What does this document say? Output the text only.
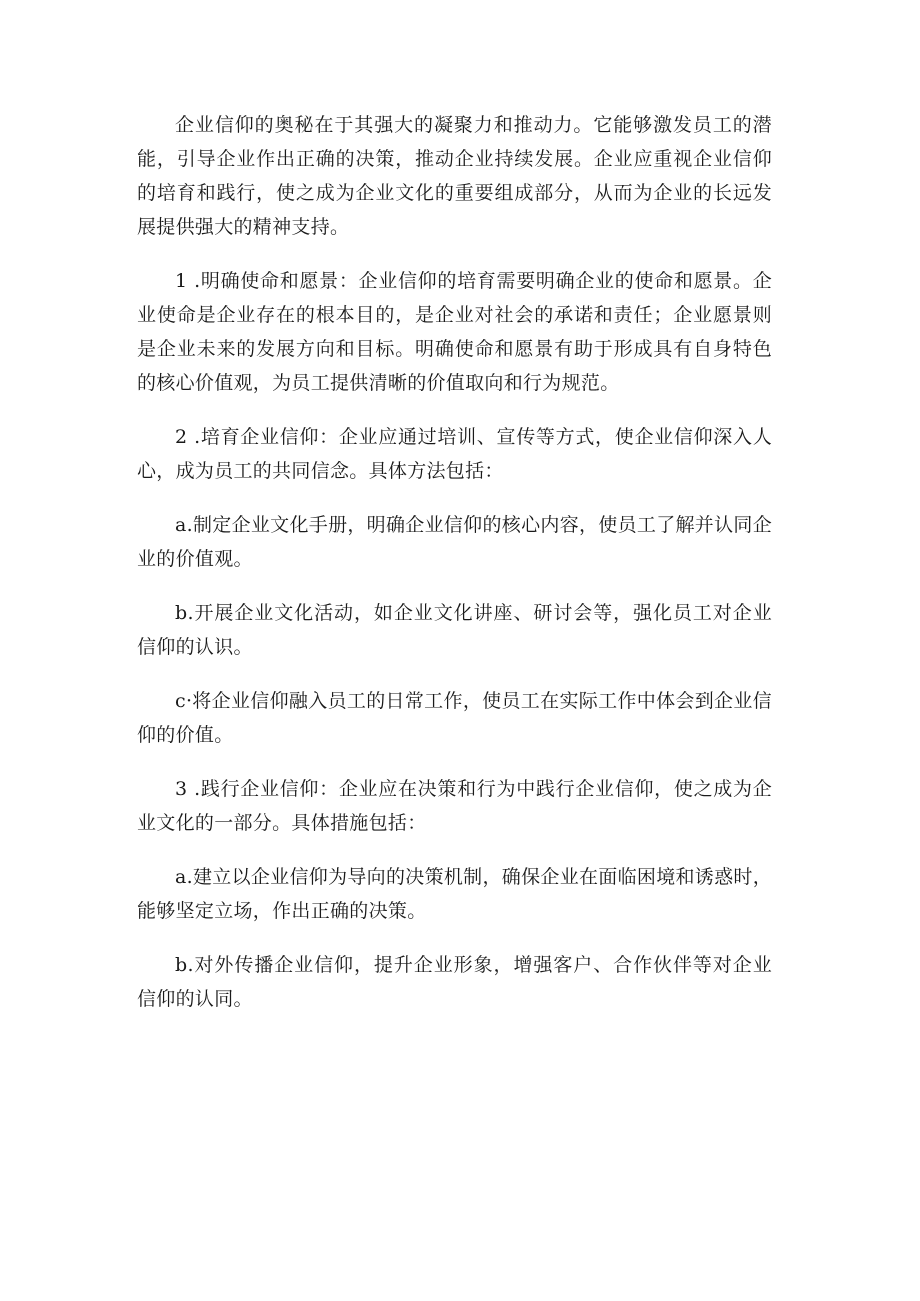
企业信仰的奥秘在于其强大的凝聚力和推动力。它能够激发员工的潜能，引导企业作出正确的决策，推动企业持续发展。企业应重视企业信仰的培育和践行，使之成为企业文化的重要组成部分，从而为企业的长远发展提供强大的精神支持。

1 .明确使命和愿景：企业信仰的培育需要明确企业的使命和愿景。企业使命是企业存在的根本目的，是企业对社会的承诺和责任；企业愿景则是企业未来的发展方向和目标。明确使命和愿景有助于形成具有自身特色的核心价值观，为员工提供清晰的价值取向和行为规范。

2 .培育企业信仰：企业应通过培训、宣传等方式，使企业信仰深入人心，成为员工的共同信念。具体方法包括：

a.制定企业文化手册，明确企业信仰的核心内容，使员工了解并认同企业的价值观。

b.开展企业文化活动，如企业文化讲座、研讨会等，强化员工对企业信仰的认识。

c·将企业信仰融入员工的日常工作，使员工在实际工作中体会到企业信仰的价值。

3 .践行企业信仰：企业应在决策和行为中践行企业信仰，使之成为企业文化的一部分。具体措施包括：

a.建立以企业信仰为导向的决策机制，确保企业在面临困境和诱惑时，能够坚定立场，作出正确的决策。

b.对外传播企业信仰，提升企业形象，增强客户、合作伙伴等对企业信仰的认同。
